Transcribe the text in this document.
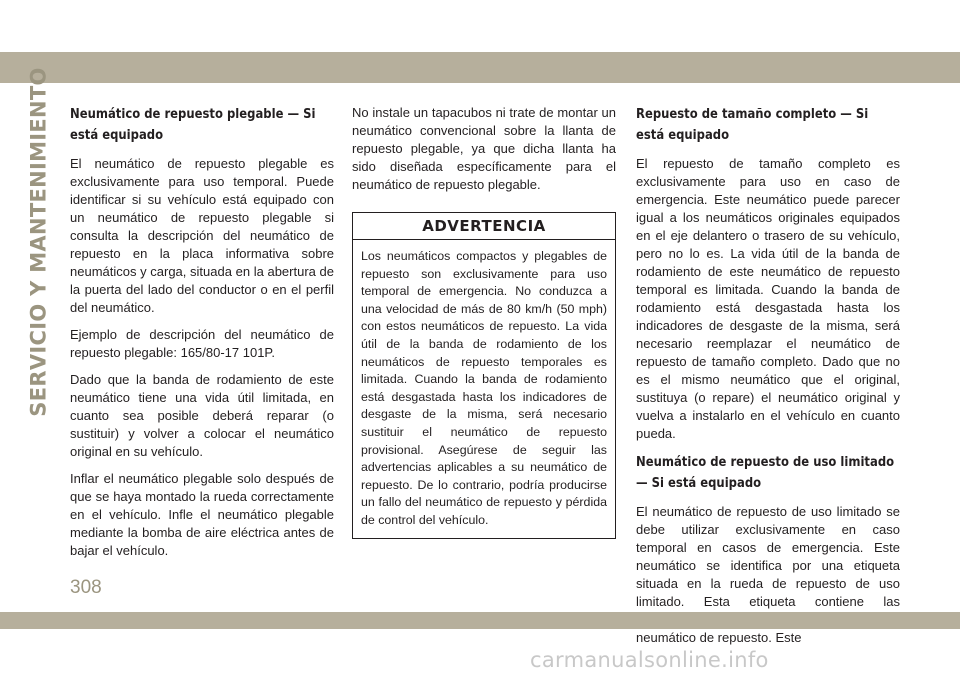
SERVICIO Y MANTENIMIENTO Neumático de repuesto plegable — Si está equipado

El neumático de repuesto plegable es exclusivamente para uso temporal. Puede identificar si su vehículo está equipado con un neumático de repuesto plegable si consulta la descripción del neumático de repuesto en la placa informativa sobre neumáticos y carga, situada en la abertura de la puerta del lado del conductor o en el perfil del neumático.

Ejemplo de descripción del neumático de repuesto plegable: 165/80-17 101P.

Dado que la banda de rodamiento de este neumático tiene una vida útil limitada, en cuanto sea posible deberá reparar (o sustituir) y volver a colocar el neumático original en su vehículo.

Inflar el neumático plegable solo después de que se haya montado la rueda correctamente en el vehículo. Infle el neumático plegable mediante la bomba de aire eléctrica antes de bajar el vehículo.

No instale un tapacubos ni trate de montar un neumático convencional sobre la llanta de repuesto plegable, ya que dicha llanta ha sido diseñada específicamente para el neumático de repuesto plegable.

ADVERTENCIA
Los neumáticos compactos y plegables de repuesto son exclusivamente para uso temporal de emergencia. No conduzca a una velocidad de más de 80 km/h (50 mph) con estos neumáticos de repuesto. La vida útil de la banda de rodamiento de los neumáticos de repuesto temporales es limitada. Cuando la banda de rodamiento está desgastada hasta los indicadores de desgaste de la misma, será necesario sustituir el neumático de repuesto provisional. Asegúrese de seguir las advertencias aplicables a su neumático de repuesto. De lo contrario, podría producirse un fallo del neumático de repuesto y pérdida de control del vehículo.
Repuesto de tamaño completo — Si está equipado

El repuesto de tamaño completo es exclusivamente para uso en caso de emergencia. Este neumático puede parecer igual a los neumáticos originales equipados en el eje delantero o trasero de su vehículo, pero no lo es. La vida útil de la banda de rodamiento de este neumático de repuesto temporal es limitada. Cuando la banda de rodamiento está desgastada hasta los indicadores de desgaste de la misma, será necesario reemplazar el neumático de repuesto de tamaño completo. Dado que no es el mismo neumático que el original, sustituya (o repare) el neumático original y vuelva a instalarlo en el vehículo en cuanto pueda.

Neumático de repuesto de uso limitado — Si está equipado

El neumático de repuesto de uso limitado se debe utilizar exclusivamente en caso temporal en casos de emergencia. Este neumático se identifica por una etiqueta situada en la rueda de repuesto de uso limitado. Esta etiqueta contiene las neumático de repuesto. Este

308
carmanualsonline.info
